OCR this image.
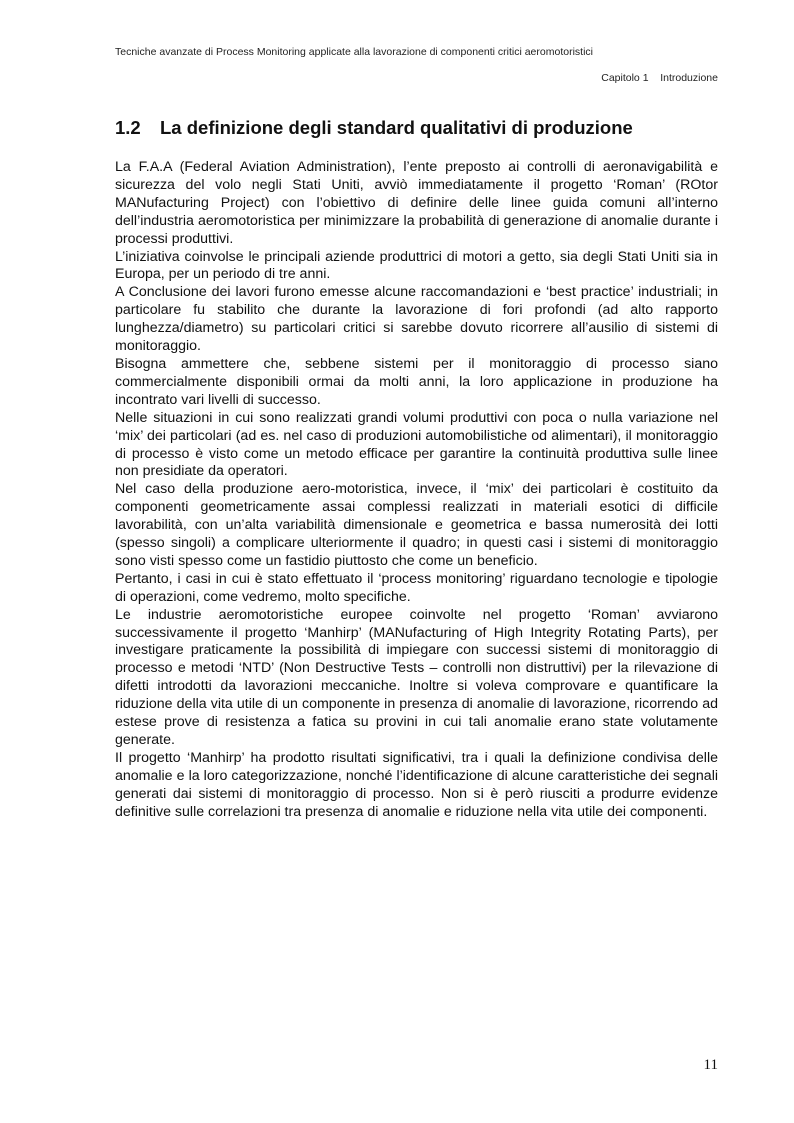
Tecniche avanzate di Process Monitoring applicate alla lavorazione di componenti critici aeromotoristici
Capitolo 1    Introduzione
1.2 La definizione degli standard qualitativi di produzione

La F.A.A (Federal Aviation Administration), l’ente preposto ai controlli di aeronavigabilità e sicurezza del volo negli Stati Uniti, avviò immediatamente il progetto ‘Roman’ (ROtor MANufacturing Project) con l’obiettivo di definire delle linee guida comuni all’interno dell’industria aeromotoristica per minimizzare la probabilità di generazione di anomalie durante i processi produttivi.

L’iniziativa coinvolse le principali aziende produttrici di motori a getto, sia degli Stati Uniti sia in Europa, per un periodo di tre anni.

A Conclusione dei lavori furono emesse alcune raccomandazioni e ‘best practice’ industriali; in particolare fu stabilito che durante la lavorazione di fori profondi (ad alto rapporto lunghezza/diametro) su particolari critici si sarebbe dovuto ricorrere all’ausilio di sistemi di monitoraggio.

Bisogna ammettere che, sebbene sistemi per il monitoraggio di processo siano commercialmente disponibili ormai da molti anni, la loro applicazione in produzione ha incontrato vari livelli di successo.

Nelle situazioni in cui sono realizzati grandi volumi produttivi con poca o nulla variazione nel ‘mix’ dei particolari (ad es. nel caso di produzioni automobilistiche od alimentari), il monitoraggio di processo è visto come un metodo efficace per garantire la continuità produttiva sulle linee non presidiate da operatori.

Nel caso della produzione aero-motoristica, invece, il ‘mix’ dei particolari è costituito da componenti geometricamente assai complessi realizzati in materiali esotici di difficile lavorabilità, con un’alta variabilità dimensionale e geometrica e bassa numerosità dei lotti (spesso singoli) a complicare ulteriormente il quadro; in questi casi i sistemi di monitoraggio sono visti spesso come un fastidio piuttosto che come un beneficio.

Pertanto, i casi in cui è stato effettuato il ‘process monitoring’ riguardano tecnologie e tipologie di operazioni, come vedremo, molto specifiche.

Le industrie aeromotoristiche europee coinvolte nel progetto ‘Roman’ avviarono successivamente il progetto ‘Manhirp’ (MANufacturing of High Integrity Rotating Parts), per investigare praticamente la possibilità di impiegare con successi sistemi di monitoraggio di processo e metodi ‘NTD’ (Non Destructive Tests – controlli non distruttivi) per la rilevazione di difetti introdotti da lavorazioni meccaniche. Inoltre si voleva comprovare e quantificare la riduzione della vita utile di un componente in presenza di anomalie di lavorazione, ricorrendo ad estese prove di resistenza a fatica su provini in cui tali anomalie erano state volutamente generate.

Il progetto ‘Manhirp’ ha prodotto risultati significativi, tra i quali la definizione condivisa delle anomalie e la loro categorizzazione, nonché l’identificazione di alcune caratteristiche dei segnali generati dai sistemi di monitoraggio di processo. Non si è però riusciti a produrre evidenze definitive sulle correlazioni tra presenza di anomalie e riduzione nella vita utile dei componenti.

11
